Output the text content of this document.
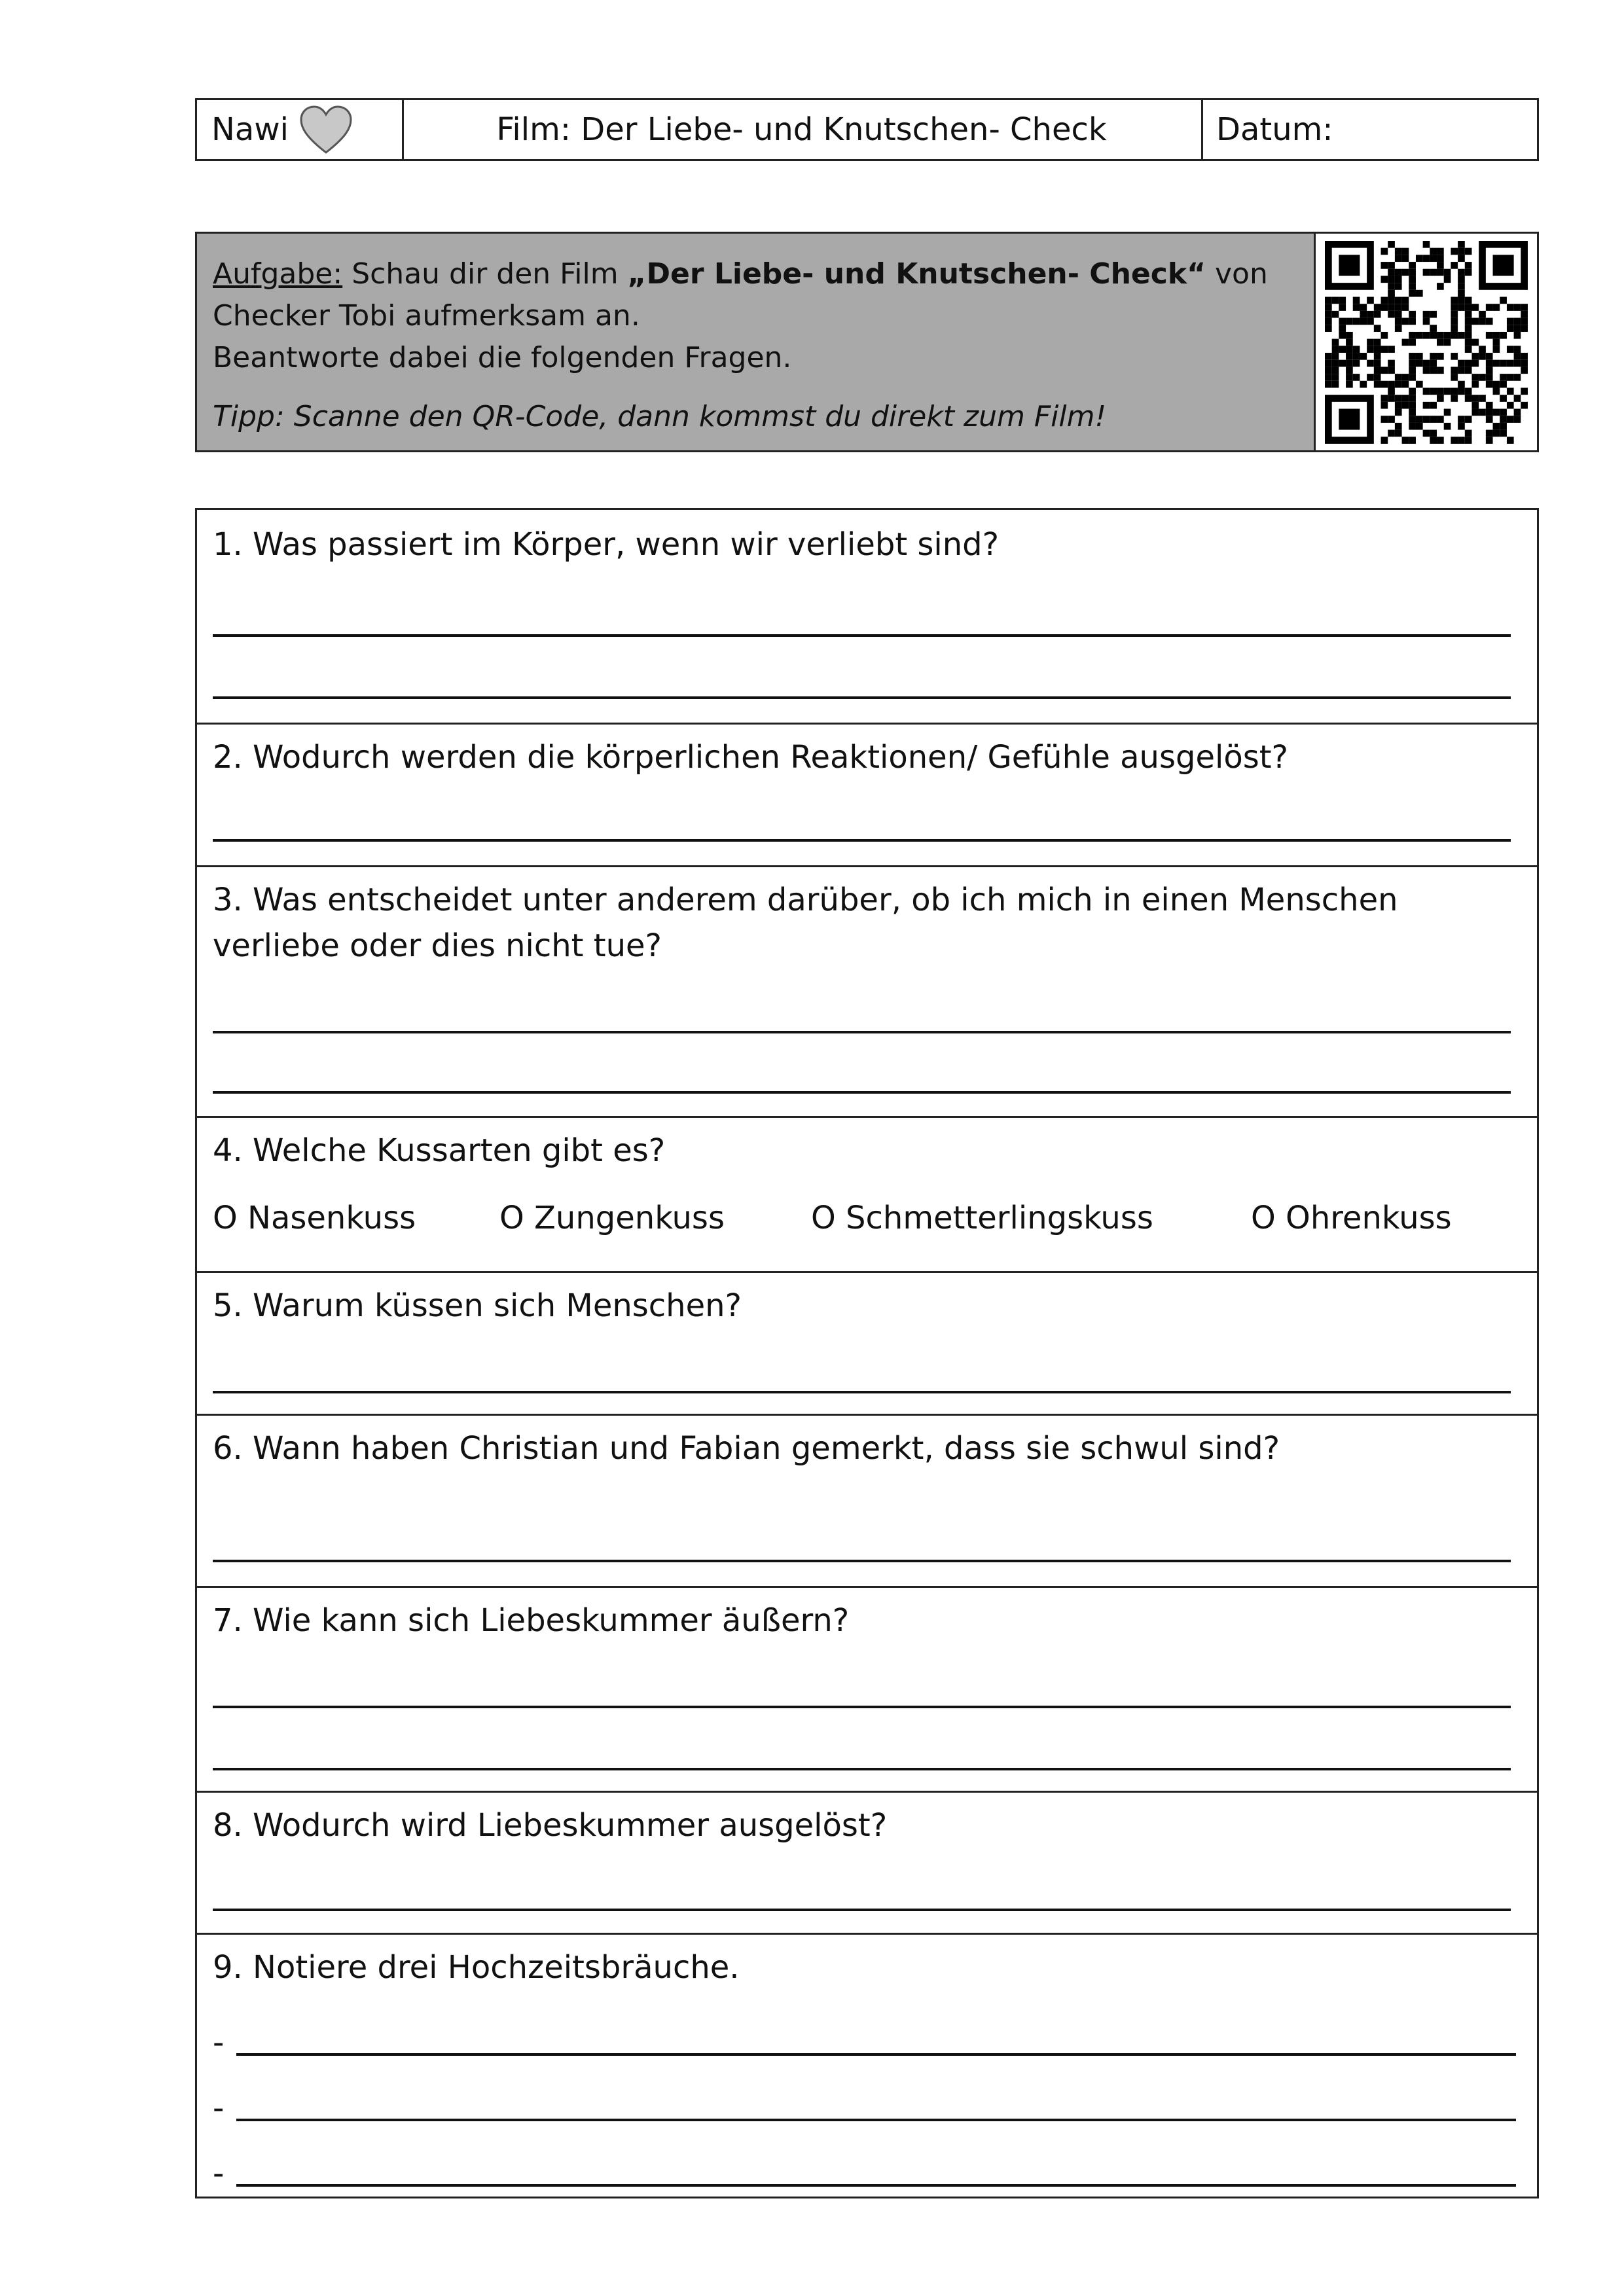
Nawi	Film: Der Liebe- und Knutschen- Check	Datum:

Aufgabe: Schau dir den Film „Der Liebe- und Knutschen- Check“ von Checker Tobi aufmerksam an.

Beantworte dabei die folgenden Fragen.

Tipp: Scanne den QR-Code, dann kommst du direkt zum Film!

1. Was passiert im Körper, wenn wir verliebt sind?
2. Wodurch werden die körperlichen Reaktionen/ Gefühle ausgelöst?
3. Was entscheidet unter anderem darüber, ob ich mich in einen Menschen verliebe oder dies nicht tue?
4. Welche Kussarten gibt es?
O Nasenkuss	O Zungenkuss	O Schmetterlingskuss	O Ohrenkuss
5. Warum küssen sich Menschen?
6. Wann haben Christian und Fabian gemerkt, dass sie schwul sind?
7. Wie kann sich Liebeskummer äußern?
8. Wodurch wird Liebeskummer ausgelöst?
9. Notiere drei Hochzeitsbräuche.
-
-
-
